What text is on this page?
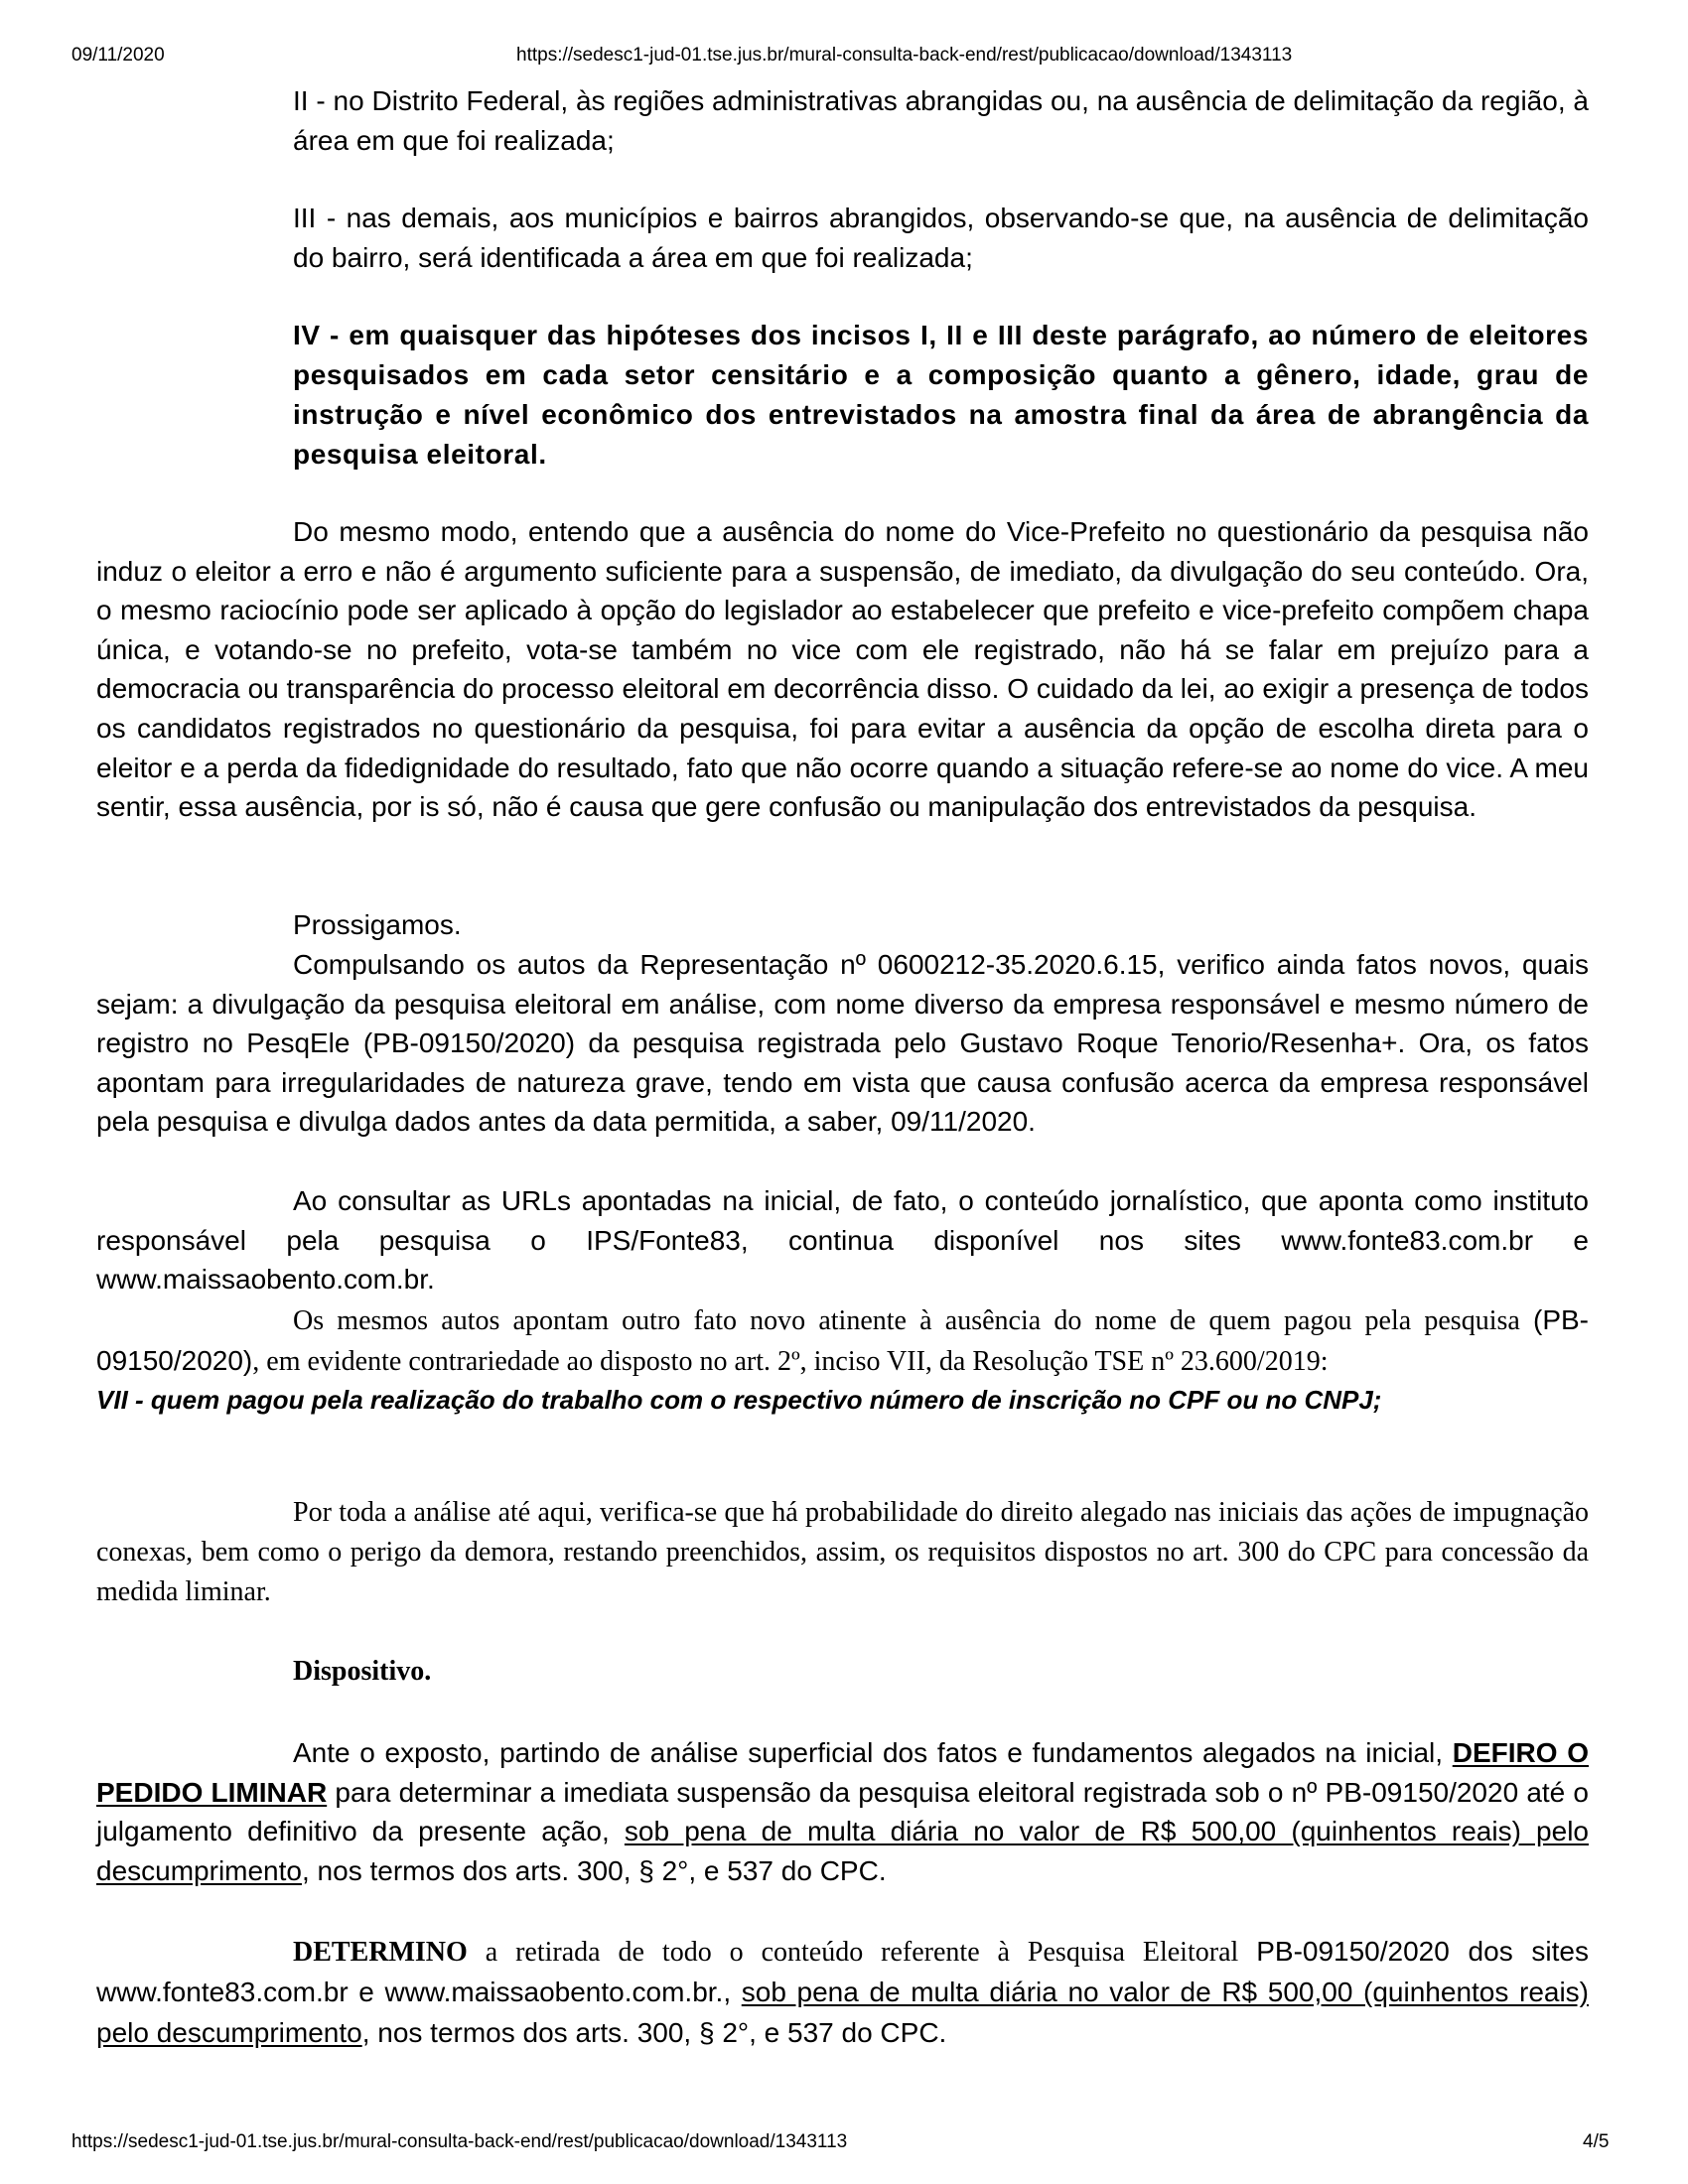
09/11/2020	https://sedesc1-jud-01.tse.jus.br/mural-consulta-back-end/rest/publicacao/download/1343113

II - no Distrito Federal, às regiões administrativas abrangidas ou, na ausência de delimitação da região, à área em que foi realizada;

III - nas demais, aos municípios e bairros abrangidos, observando-se que, na ausência de delimitação do bairro, será identificada a área em que foi realizada;

IV - em quaisquer das hipóteses dos incisos I, II e III deste parágrafo, ao número de eleitores pesquisados em cada setor censitário e a composição quanto a gênero, idade, grau de instrução e nível econômico dos entrevistados na amostra final da área de abrangência da pesquisa eleitoral.

Do mesmo modo, entendo que a ausência do nome do Vice-Prefeito no questionário da pesquisa não induz o eleitor a erro e não é argumento suficiente para a suspensão, de imediato, da divulgação do seu conteúdo. Ora, o mesmo raciocínio pode ser aplicado à opção do legislador ao estabelecer que prefeito e vice-prefeito compõem chapa única, e votando-se no prefeito, vota-se também no vice com ele registrado, não há se falar em prejuízo para a democracia ou transparência do processo eleitoral em decorrência disso. O cuidado da lei, ao exigir a presença de todos os candidatos registrados no questionário da pesquisa, foi para evitar a ausência da opção de escolha direta para o eleitor e a perda da fidedignidade do resultado, fato que não ocorre quando a situação refere-se ao nome do vice. A meu sentir, essa ausência, por is só, não é causa que gere confusão ou manipulação dos entrevistados da pesquisa.

Prossigamos.

Compulsando os autos da Representação nº 0600212-35.2020.6.15, verifico ainda fatos novos, quais sejam: a divulgação da pesquisa eleitoral em análise, com nome diverso da empresa responsável e mesmo número de registro no PesqEle (PB-09150/2020) da pesquisa registrada pelo Gustavo Roque Tenorio/Resenha+. Ora, os fatos apontam para irregularidades de natureza grave, tendo em vista que causa confusão acerca da empresa responsável pela pesquisa e divulga dados antes da data permitida, a saber, 09/11/2020.

Ao consultar as URLs apontadas na inicial, de fato, o conteúdo jornalístico, que aponta como instituto responsável pela pesquisa o IPS/Fonte83, continua disponível nos sites www.fonte83.com.br e www.maissaobento.com.br.

Os mesmos autos apontam outro fato novo atinente à ausência do nome de quem pagou pela pesquisa (PB-09150/2020), em evidente contrariedade ao disposto no art. 2º, inciso VII, da Resolução TSE nº 23.600/2019:

VII - quem pagou pela realização do trabalho com o respectivo número de inscrição no CPF ou no CNPJ;

Por toda a análise até aqui, verifica-se que há probabilidade do direito alegado nas iniciais das ações de impugnação conexas, bem como o perigo da demora, restando preenchidos, assim, os requisitos dispostos no art. 300 do CPC para concessão da medida liminar.

Dispositivo.

Ante o exposto, partindo de análise superficial dos fatos e fundamentos alegados na inicial, DEFIRO O PEDIDO LIMINAR para determinar a imediata suspensão da pesquisa eleitoral registrada sob o nº PB-09150/2020 até o julgamento definitivo da presente ação, sob pena de multa diária no valor de R$ 500,00 (quinhentos reais) pelo descumprimento, nos termos dos arts. 300, § 2°, e 537 do CPC.

DETERMINO a retirada de todo o conteúdo referente à Pesquisa Eleitoral PB-09150/2020 dos sites www.fonte83.com.br e www.maissaobento.com.br., sob pena de multa diária no valor de R$ 500,00 (quinhentos reais) pelo descumprimento, nos termos dos arts. 300, § 2°, e 537 do CPC.

https://sedesc1-jud-01.tse.jus.br/mural-consulta-back-end/rest/publicacao/download/1343113	4/5
